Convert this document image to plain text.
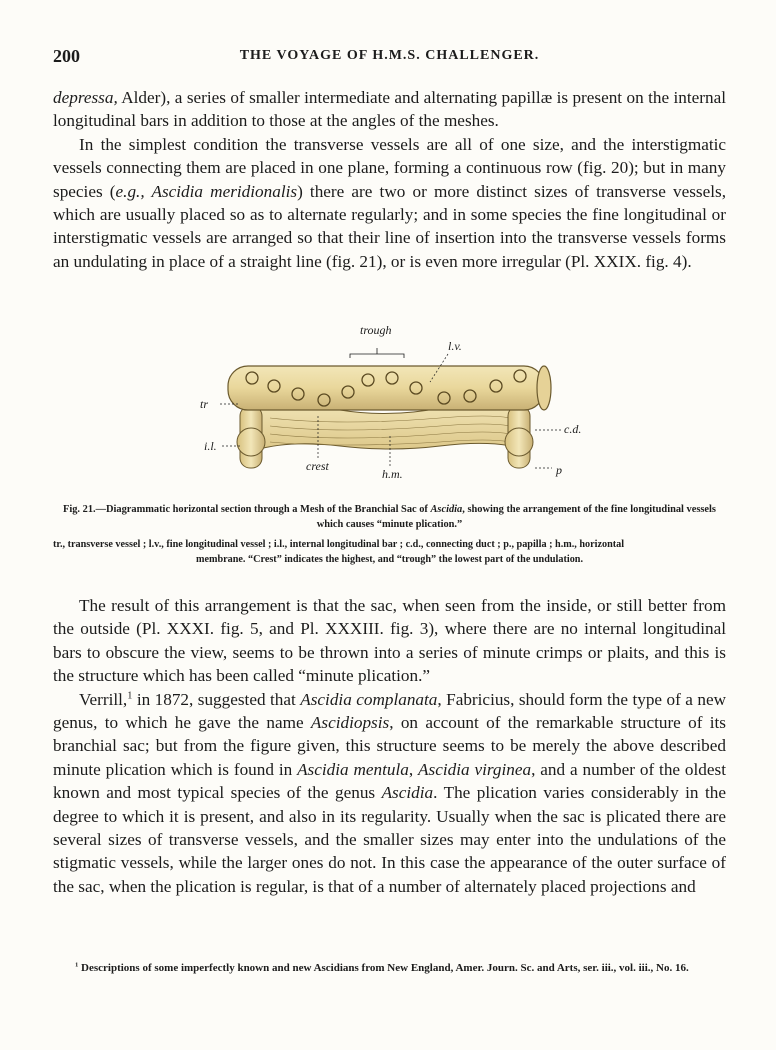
200	THE VOYAGE OF H.M.S. CHALLENGER.

depressa, Alder), a series of smaller intermediate and alternating papillæ is present on the internal longitudinal bars in addition to those at the angles of the meshes.

In the simplest condition the transverse vessels are all of one size, and the interstigmatic vessels connecting them are placed in one plane, forming a continuous row (fig. 20); but in many species (e.g., Ascidia meridionalis) there are two or more distinct sizes of transverse vessels, which are usually placed so as to alternate regularly; and in some species the fine longitudinal or interstigmatic vessels are arranged so that their line of insertion into the transverse vessels forms an undulating in place of a straight line (fig. 21), or is even more irregular (Pl. XXIX. fig. 4).

trough
l.v.
tr
c.d.
i.l.
crest
h.m.	p
Fig. 21.—Diagrammatic horizontal section through a Mesh of the Branchial Sac of Ascidia, showing the arrangement of the fine longitudinal vessels which causes “minute plication.”
tr., transverse vessel ; l.v., fine longitudinal vessel ; i.l., internal longitudinal bar ; c.d., connecting duct ; p., papilla ; h.m., horizontal
membrane. “Crest” indicates the highest, and “trough” the lowest part of the undulation.

The result of this arrangement is that the sac, when seen from the inside, or still better from the outside (Pl. XXXI. fig. 5, and Pl. XXXIII. fig. 3), where there are no internal longitudinal bars to obscure the view, seems to be thrown into a series of minute crimps or plaits, and this is the structure which has been called “minute plication.”

Verrill,$^1$ in 1872, suggested that Ascidia complanata, Fabricius, should form the type of a new genus, to which he gave the name Ascidiopsis, on account of the remarkable structure of its branchial sac; but from the figure given, this structure seems to be merely the above described minute plication which is found in Ascidia mentula, Ascidia virginea, and a number of the oldest known and most typical species of the genus Ascidia. The plication varies considerably in the degree to which it is present, and also in its regularity. Usually when the sac is plicated there are several sizes of transverse vessels, and the smaller sizes may enter into the undulations of the stigmatic vessels, while the larger ones do not. In this case the appearance of the outer surface of the sac, when the plication is regular, is that of a number of alternately placed projections and

$^1$ Descriptions of some imperfectly known and new Ascidians from New England, Amer. Journ. Sc. and Arts, ser. iii., vol. iii., No. 16.
